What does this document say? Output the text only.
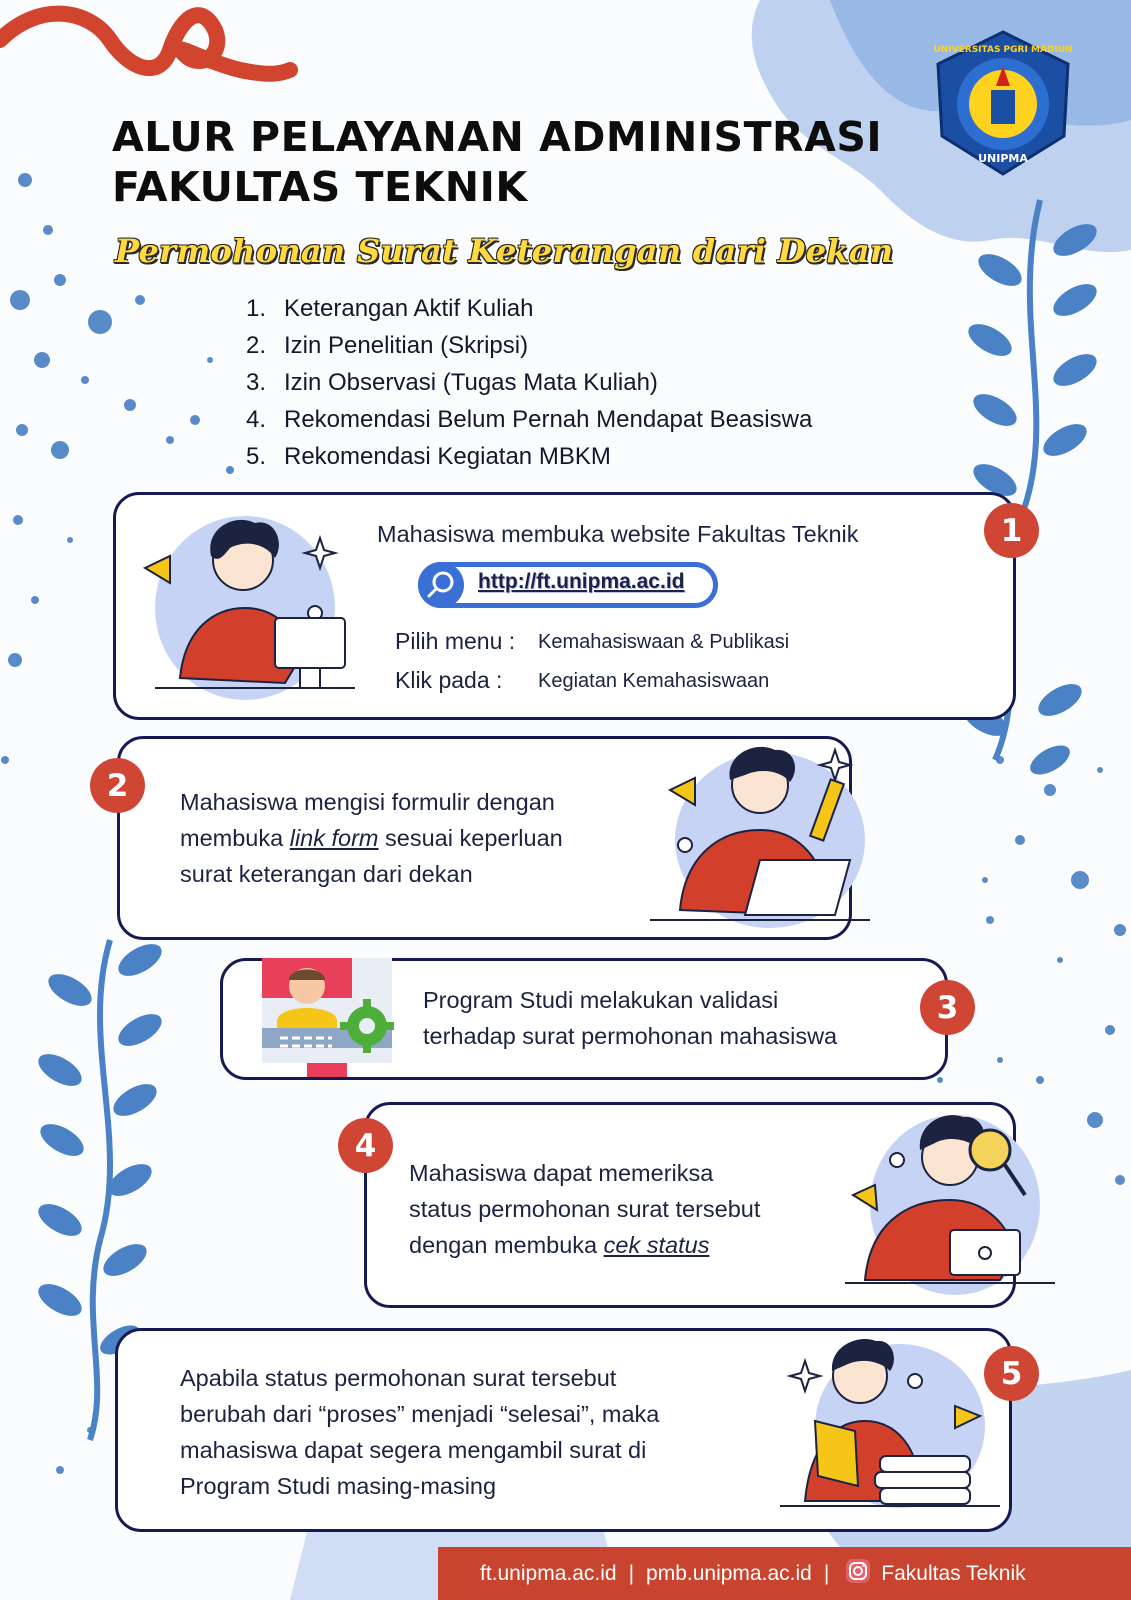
UNIVERSITAS PGRI MADIUN
UNIPMA
ALUR PELAYANAN ADMINISTRASI
FAKULTAS TEKNIK
Permohonan Surat Keterangan dari Dekan
1. Keterangan Aktif Kuliah
2. Izin Penelitian (Skripsi)
3. Izin Observasi (Tugas Mata Kuliah)
4. Rekomendasi Belum Pernah Mendapat Beasiswa
5. Rekomendasi Kegiatan MBKM
1
Mahasiswa membuka website Fakultas Teknik
http://ft.unipma.ac.id
Pilih menu : Kemahasiswaan & Publikasi
Klik pada : Kegiatan Kemahasiswaan
2	Mahasiswa mengisi formulir dengan

membuka link form sesuai keperluan

surat keterangan dari dekan

3

Program Studi melakukan validasi

terhadap surat permohonan mahasiswa

4

Mahasiswa dapat memeriksa

status permohonan surat tersebut

dengan membuka cek status

5

Apabila status permohonan surat tersebut

berubah dari “proses” menjadi “selesai”, maka

mahasiswa dapat segera mengambil surat di

Program Studi masing-masing

ft.unipma.ac.id | pmb.unipma.ac.id | Fakultas Teknik
